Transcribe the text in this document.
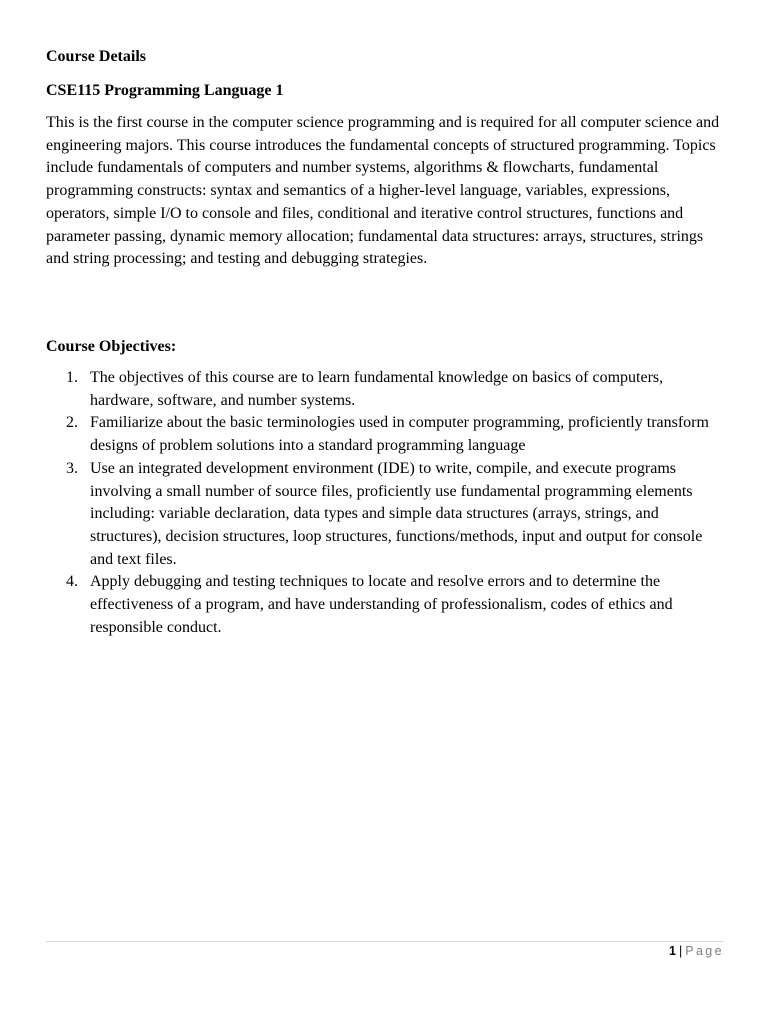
Course Details

CSE115 Programming Language 1

This is the first course in the computer science programming and is required for all computer science and engineering majors. This course introduces the fundamental concepts of structured programming. Topics include fundamentals of computers and number systems, algorithms & flowcharts, fundamental programming constructs: syntax and semantics of a higher-level language, variables, expressions, operators, simple I/O to console and files, conditional and iterative control structures, functions and parameter passing, dynamic memory allocation; fundamental data structures: arrays, structures, strings and string processing; and testing and debugging strategies.

Course Objectives:

1. The objectives of this course are to learn fundamental knowledge on basics of computers, hardware, software, and number systems.
2. Familiarize about the basic terminologies used in computer programming, proficiently transform designs of problem solutions into a standard programming language
3. Use an integrated development environment (IDE) to write, compile, and execute programs involving a small number of source files, proficiently use fundamental programming elements including: variable declaration, data types and simple data structures (arrays, strings, and structures), decision structures, loop structures, functions/methods, input and output for console and text files.
4. Apply debugging and testing techniques to locate and resolve errors and to determine the effectiveness of a program, and have understanding of professionalism, codes of ethics and responsible conduct.
1 | Page
